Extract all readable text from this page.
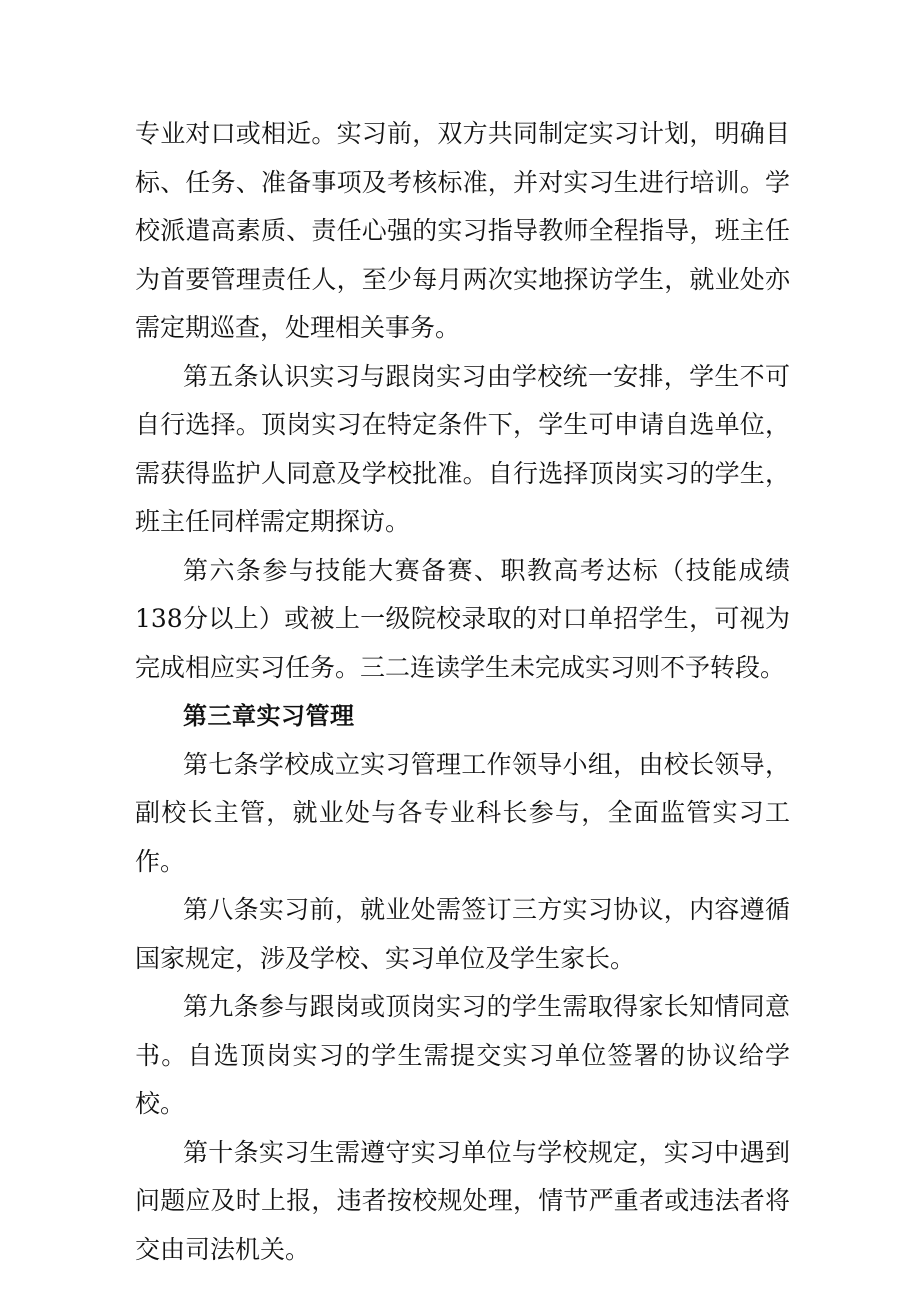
专业对口或相近。实习前，双方共同制定实习计划，明确目标、任务、准备事项及考核标准，并对实习生进行培训。学校派遣高素质、责任心强的实习指导教师全程指导，班主任为首要管理责任人，至少每月两次实地探访学生，就业处亦需定期巡查，处理相关事务。

第五条认识实习与跟岗实习由学校统一安排，学生不可自行选择。顶岗实习在特定条件下，学生可申请自选单位，需获得监护人同意及学校批准。自行选择顶岗实习的学生，班主任同样需定期探访。

第六条参与技能大赛备赛、职教高考达标（技能成绩138分以上）或被上一级院校录取的对口单招学生，可视为完成相应实习任务。三二连读学生未完成实习则不予转段。

第三章实习管理

第七条学校成立实习管理工作领导小组，由校长领导，副校长主管，就业处与各专业科长参与，全面监管实习工作。

第八条实习前，就业处需签订三方实习协议，内容遵循国家规定，涉及学校、实习单位及学生家长。

第九条参与跟岗或顶岗实习的学生需取得家长知情同意书。自选顶岗实习的学生需提交实习单位签署的协议给学校。

第十条实习生需遵守实习单位与学校规定，实习中遇到问题应及时上报，违者按校规处理，情节严重者或违法者将交由司法机关。
